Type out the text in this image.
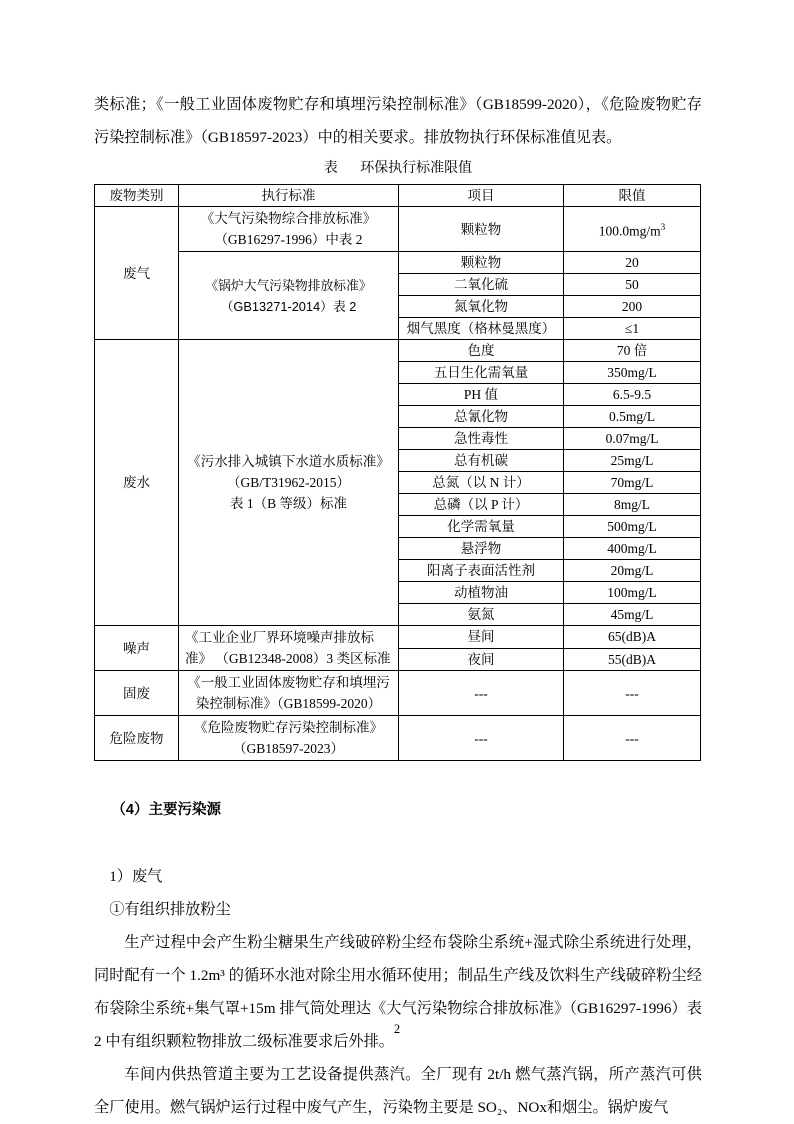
类标准；《一般工业固体废物贮存和填埋污染控制标准》（GB18599-2020），《危险废物贮存污染控制标准》（GB18597-2023）中的相关要求。排放物执行环保标准值见表。

表 环保执行标准限值
废物类别	执行标准	项目	限值
废气	《大气污染物综合排放标准》
（GB16297-1996）中表 2	颗粒物	$100.0mg/m^3$
	《锅炉大气污染物排放标准》
（GB13271-2014）表 2	颗粒物	20
		二氧化硫	50
		氮氧化物	200
		烟气黑度（格林曼黑度）	≤1
废水	《污水排入城镇下水道水质标准》
（GB/T31962-2015）
表 1（B 等级）标准	色度	70 倍
		五日生化需氧量	350mg/L
		PH 值	6.5-9.5
		总氰化物	0.5mg/L
		急性毒性	0.07mg/L
		总有机碳	25mg/L
		总氮（以 N 计）	70mg/L
		总磷（以 P 计）	8mg/L
		化学需氧量	500mg/L
		悬浮物	400mg/L
		阳离子表面活性剂	20mg/L
		动植物油	100mg/L
		氨氮	45mg/L
噪声	《工业企业厂界环境噪声排放标
准》 （GB12348-2008）3 类区标准	昼间	65(dB)A
		夜间	55(dB)A
固废	《一般工业固体废物贮存和填埋污
染控制标准》（GB18599-2020）	---	---
危险废物	《危险废物贮存污染控制标准》
（GB18597-2023）	---	---

（4）主要污染源

1）废气

①有组织排放粉尘

生产过程中会产生粉尘糖果生产线破碎粉尘经布袋除尘系统+湿式除尘系统进行处理， 同时配有一个 1.2m³ 的循环水池对除尘用水循环使用；制品生产线及饮料生产线破碎粉尘经布袋除尘系统+集气罩+15m 排气筒处理达《大气污染物综合排放标准》（GB16297-1996）表 2 中有组织颗粒物排放二级标准要求后外排。

车间内供热管道主要为工艺设备提供蒸汽。全厂现有 2t/h 燃气蒸汽锅，所产蒸汽可供全厂使用。燃气锅炉运行过程中废气产生，污染物主要是 SO₂、NOx和烟尘。锅炉废气

2
